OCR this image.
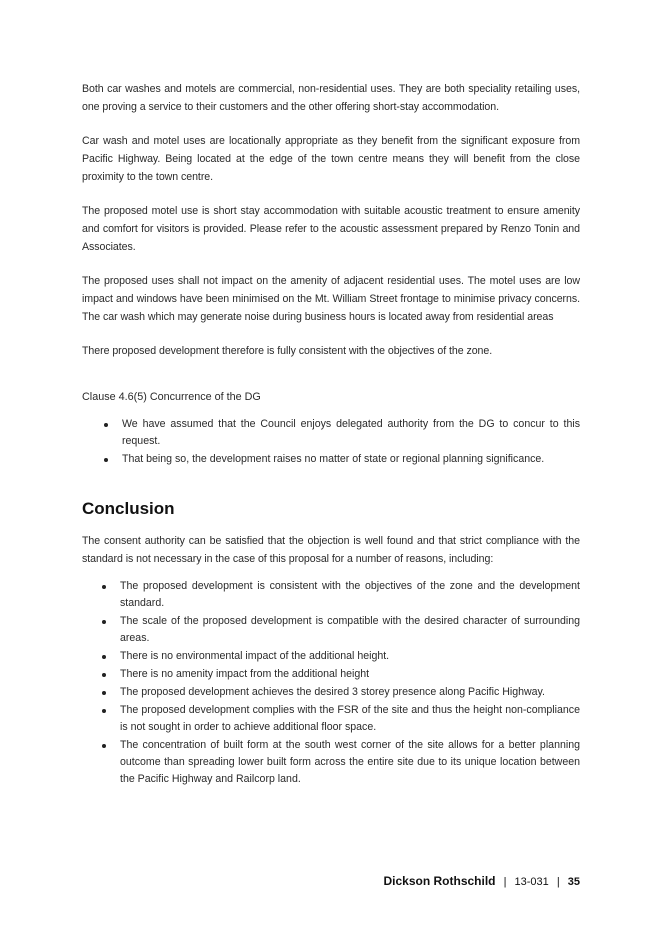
Both car washes and motels are commercial, non-residential uses. They are both speciality retailing uses, one proving a service to their customers and the other offering short-stay accommodation.

Car wash and motel uses are locationally appropriate as they benefit from the significant exposure from Pacific Highway. Being located at the edge of the town centre means they will benefit from the close proximity to the town centre.

The proposed motel use is short stay accommodation with suitable acoustic treatment to ensure amenity and comfort for visitors is provided. Please refer to the acoustic assessment prepared by Renzo Tonin and Associates.

The proposed uses shall not impact on the amenity of adjacent residential uses. The motel uses are low impact and windows have been minimised on the Mt. William Street frontage to minimise privacy concerns. The car wash which may generate noise during business hours is located away from residential areas

There proposed development therefore is fully consistent with the objectives of the zone.

Clause 4.6(5) Concurrence of the DG
We have assumed that the Council enjoys delegated authority from the DG to concur to this request.
That being so, the development raises no matter of state or regional planning significance.
Conclusion

The consent authority can be satisfied that the objection is well found and that strict compliance with the standard is not necessary in the case of this proposal for a number of reasons, including:

The proposed development is consistent with the objectives of the zone and the development standard.
The scale of the proposed development is compatible with the desired character of surrounding areas.
There is no environmental impact of the additional height.
There is no amenity impact from the additional height
The proposed development achieves the desired 3 storey presence along Pacific Highway.
The proposed development complies with the FSR of the site and thus the height non-compliance is not sought in order to achieve additional floor space.
The concentration of built form at the south west corner of the site allows for a better planning outcome than spreading lower built form across the entire site due to its unique location between the Pacific Highway and Railcorp land.
Dickson Rothschild | 13-031 | 35
